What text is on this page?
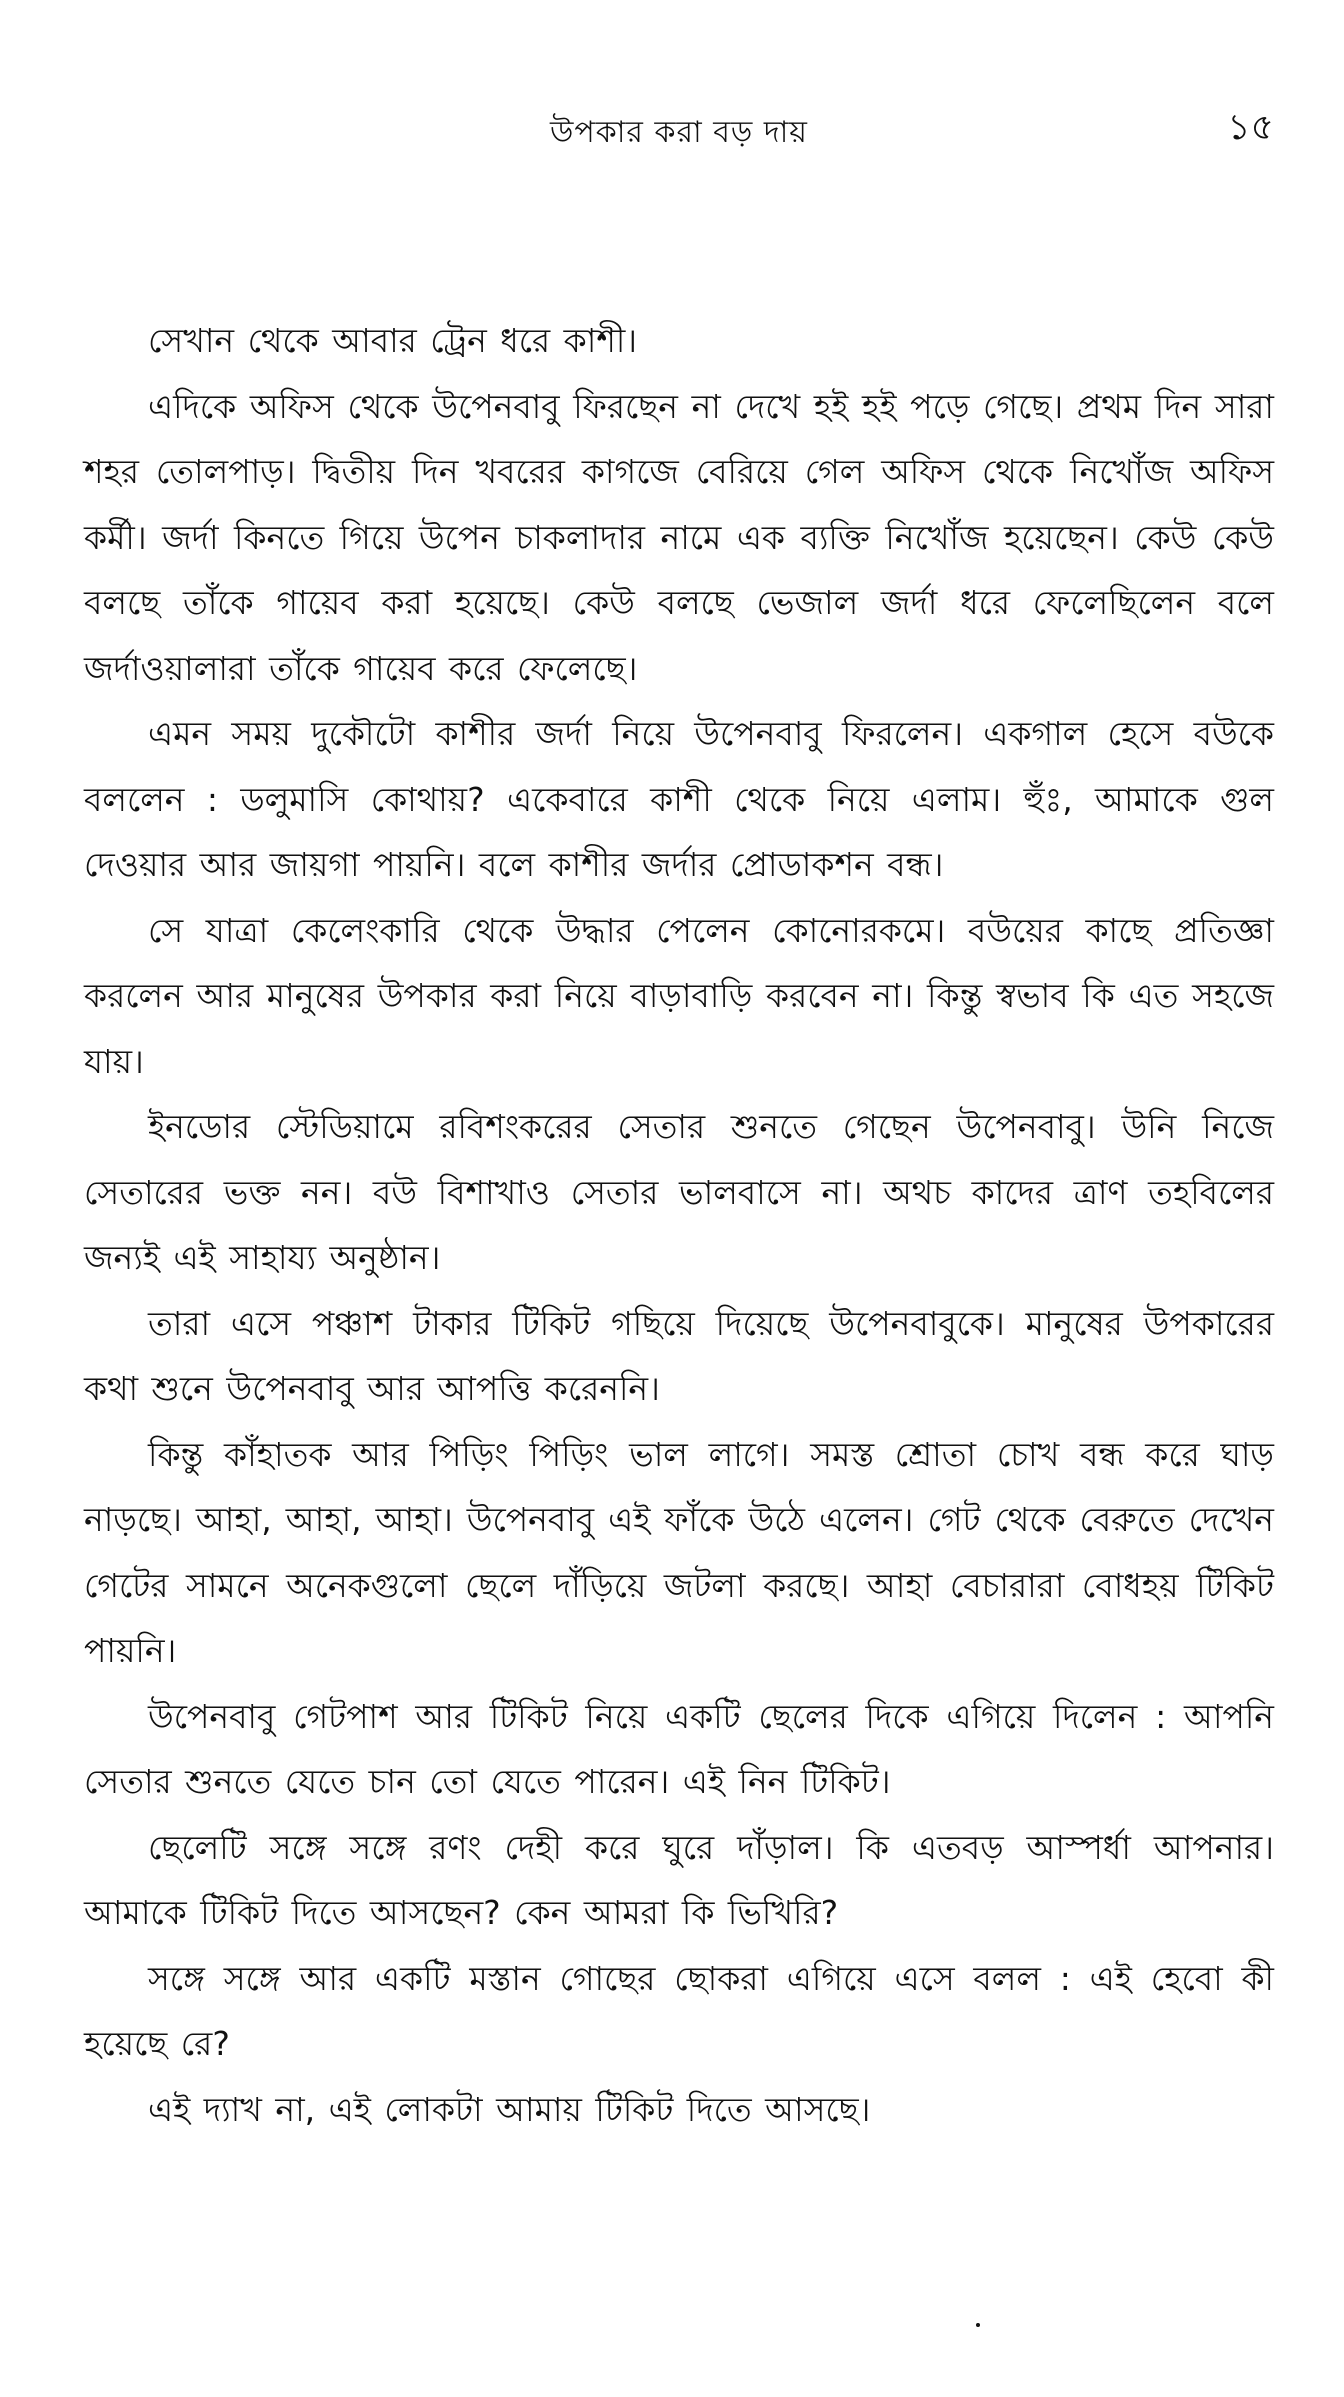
উপকার করা বড় দায়	১৫

সেখান থেকে আবার ট্রেন ধরে কাশী।

এদিকে অফিস থেকে উপেনবাবু ফিরছেন না দেখে হই হই পড়ে গেছে। প্রথম দিন সারা শহর তোলপাড়। দ্বিতীয় দিন খবরের কাগজে বেরিয়ে গেল অফিস থেকে নিখোঁজ অফিস কর্মী। জর্দা কিনতে গিয়ে উপেন চাকলাদার নামে এক ব্যক্তি নিখোঁজ হয়েছেন। কেউ কেউ বলছে তাঁকে গায়েব করা হয়েছে। কেউ বলছে ভেজাল জর্দা ধরে ফেলেছিলেন বলে জর্দাওয়ালারা তাঁকে গায়েব করে ফেলেছে।

এমন সময় দুকৌটো কাশীর জর্দা নিয়ে উপেনবাবু ফিরলেন। একগাল হেসে বউকে বললেন : ডলুমাসি কোথায়? একেবারে কাশী থেকে নিয়ে এলাম। হুঁঃ, আমাকে গুল দেওয়ার আর জায়গা পায়নি। বলে কাশীর জর্দার প্রোডাকশন বন্ধ।

সে যাত্রা কেলেংকারি থেকে উদ্ধার পেলেন কোনোরকমে। বউয়ের কাছে প্রতিজ্ঞা করলেন আর মানুষের উপকার করা নিয়ে বাড়াবাড়ি করবেন না। কিন্তু স্বভাব কি এত সহজে যায়।

ইনডোর স্টেডিয়ামে রবিশংকরের সেতার শুনতে গেছেন উপেনবাবু। উনি নিজে সেতারের ভক্ত নন। বউ বিশাখাও সেতার ভালবাসে না। অথচ কাদের ত্রাণ তহবিলের জন্যই এই সাহায্য অনুষ্ঠান।

তারা এসে পঞ্চাশ টাকার টিকিট গছিয়ে দিয়েছে উপেনবাবুকে। মানুষের উপকারের কথা শুনে উপেনবাবু আর আপত্তি করেননি।

কিন্তু কাঁহাতক আর পিড়িং পিড়িং ভাল লাগে। সমস্ত শ্রোতা চোখ বন্ধ করে ঘাড় নাড়ছে। আহা, আহা, আহা। উপেনবাবু এই ফাঁকে উঠে এলেন। গেট থেকে বেরুতে দেখেন গেটের সামনে অনেকগুলো ছেলে দাঁড়িয়ে জটলা করছে। আহা বেচারারা বোধহয় টিকিট পায়নি।

উপেনবাবু গেটপাশ আর টিকিট নিয়ে একটি ছেলের দিকে এগিয়ে দিলেন : আপনি সেতার শুনতে যেতে চান তো যেতে পারেন। এই নিন টিকিট।

ছেলেটি সঙ্গে সঙ্গে রণং দেহী করে ঘুরে দাঁড়াল। কি এতবড় আস্পর্ধা আপনার। আমাকে টিকিট দিতে আসছেন? কেন আমরা কি ভিখিরি?

সঙ্গে সঙ্গে আর একটি মস্তান গোছের ছোকরা এগিয়ে এসে বলল : এই হেবো কী হয়েছে রে?

এই দ্যাখ না, এই লোকটা আমায় টিকিট দিতে আসছে।
